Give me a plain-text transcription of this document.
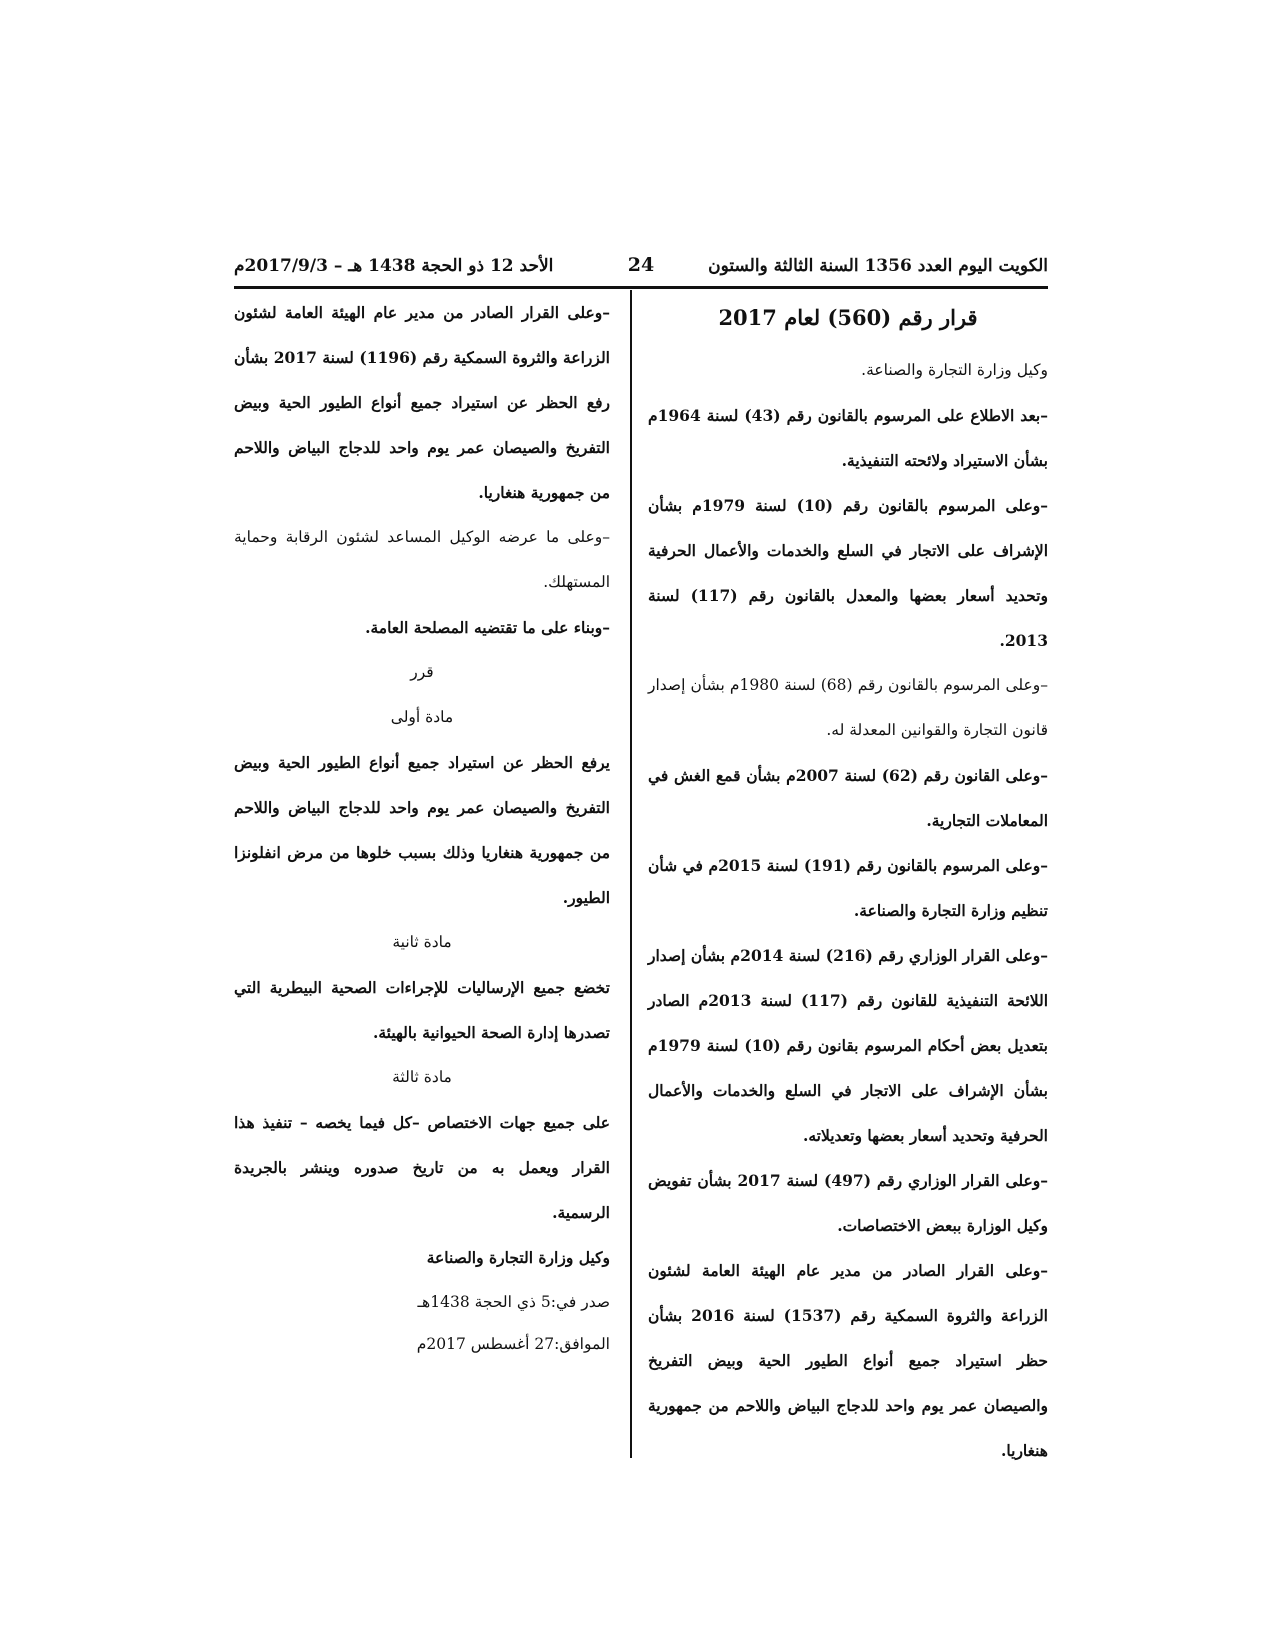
الكويت اليوم العدد 1356 السنة الثالثة والستون
24
الأحد 12 ذو الحجة 1438 هـ – 2017/9/3م
قرار رقم (560) لعام 2017

وكيل وزارة التجارة والصناعة.

–بعد الاطلاع على المرسوم بالقانون رقم (43) لسنة 1964م بشأن الاستيراد ولائحته التنفيذية.

–وعلى المرسوم بالقانون رقم (10) لسنة 1979م بشأن الإشراف على الاتجار في السلع والخدمات والأعمال الحرفية وتحديد أسعار بعضها والمعدل بالقانون رقم (117) لسنة 2013.

–وعلى المرسوم بالقانون رقم (68) لسنة 1980م بشأن إصدار قانون التجارة والقوانين المعدلة له.

–وعلى القانون رقم (62) لسنة 2007م بشأن قمع الغش في المعاملات التجارية.

–وعلى المرسوم بالقانون رقم (191) لسنة 2015م في شأن تنظيم وزارة التجارة والصناعة.

–وعلى القرار الوزاري رقم (216) لسنة 2014م بشأن إصدار اللائحة التنفيذية للقانون رقم (117) لسنة 2013م الصادر بتعديل بعض أحكام المرسوم بقانون رقم (10) لسنة 1979م بشأن الإشراف على الاتجار في السلع والخدمات والأعمال الحرفية وتحديد أسعار بعضها وتعديلاته.

–وعلى القرار الوزاري رقم (497) لسنة 2017 بشأن تفويض وكيل الوزارة ببعض الاختصاصات.

–وعلى القرار الصادر من مدير عام الهيئة العامة لشئون الزراعة والثروة السمكية رقم (1537) لسنة 2016 بشأن حظر استيراد جميع أنواع الطيور الحية وبيض التفريخ والصيصان عمر يوم واحد للدجاج البياض واللاحم من جمهورية هنغاريا.

–وعلى القرار الصادر من مدير عام الهيئة العامة لشئون الزراعة والثروة السمكية رقم (1196) لسنة 2017 بشأن رفع الحظر عن استيراد جميع أنواع الطيور الحية وبيض التفريخ والصيصان عمر يوم واحد للدجاج البياض واللاحم من جمهورية هنغاريا.

–وعلى ما عرضه الوكيل المساعد لشئون الرقابة وحماية المستهلك.

–وبناء على ما تقتضيه المصلحة العامة.

قرر

مادة أولى

يرفع الحظر عن استيراد جميع أنواع الطيور الحية وبيض التفريخ والصيصان عمر يوم واحد للدجاج البياض واللاحم من جمهورية هنغاريا وذلك بسبب خلوها من مرض انفلونزا الطيور.

مادة ثانية

تخضع جميع الإرساليات للإجراءات الصحية البيطرية التي تصدرها إدارة الصحة الحيوانية بالهيئة.

مادة ثالثة

على جميع جهات الاختصاص –كل فيما يخصه – تنفيذ هذا القرار ويعمل به من تاريخ صدوره وينشر بالجريدة الرسمية.

وكيل وزارة التجارة والصناعة

صدر في:5 ذي الحجة 1438هـ

الموافق:27 أغسطس 2017م
